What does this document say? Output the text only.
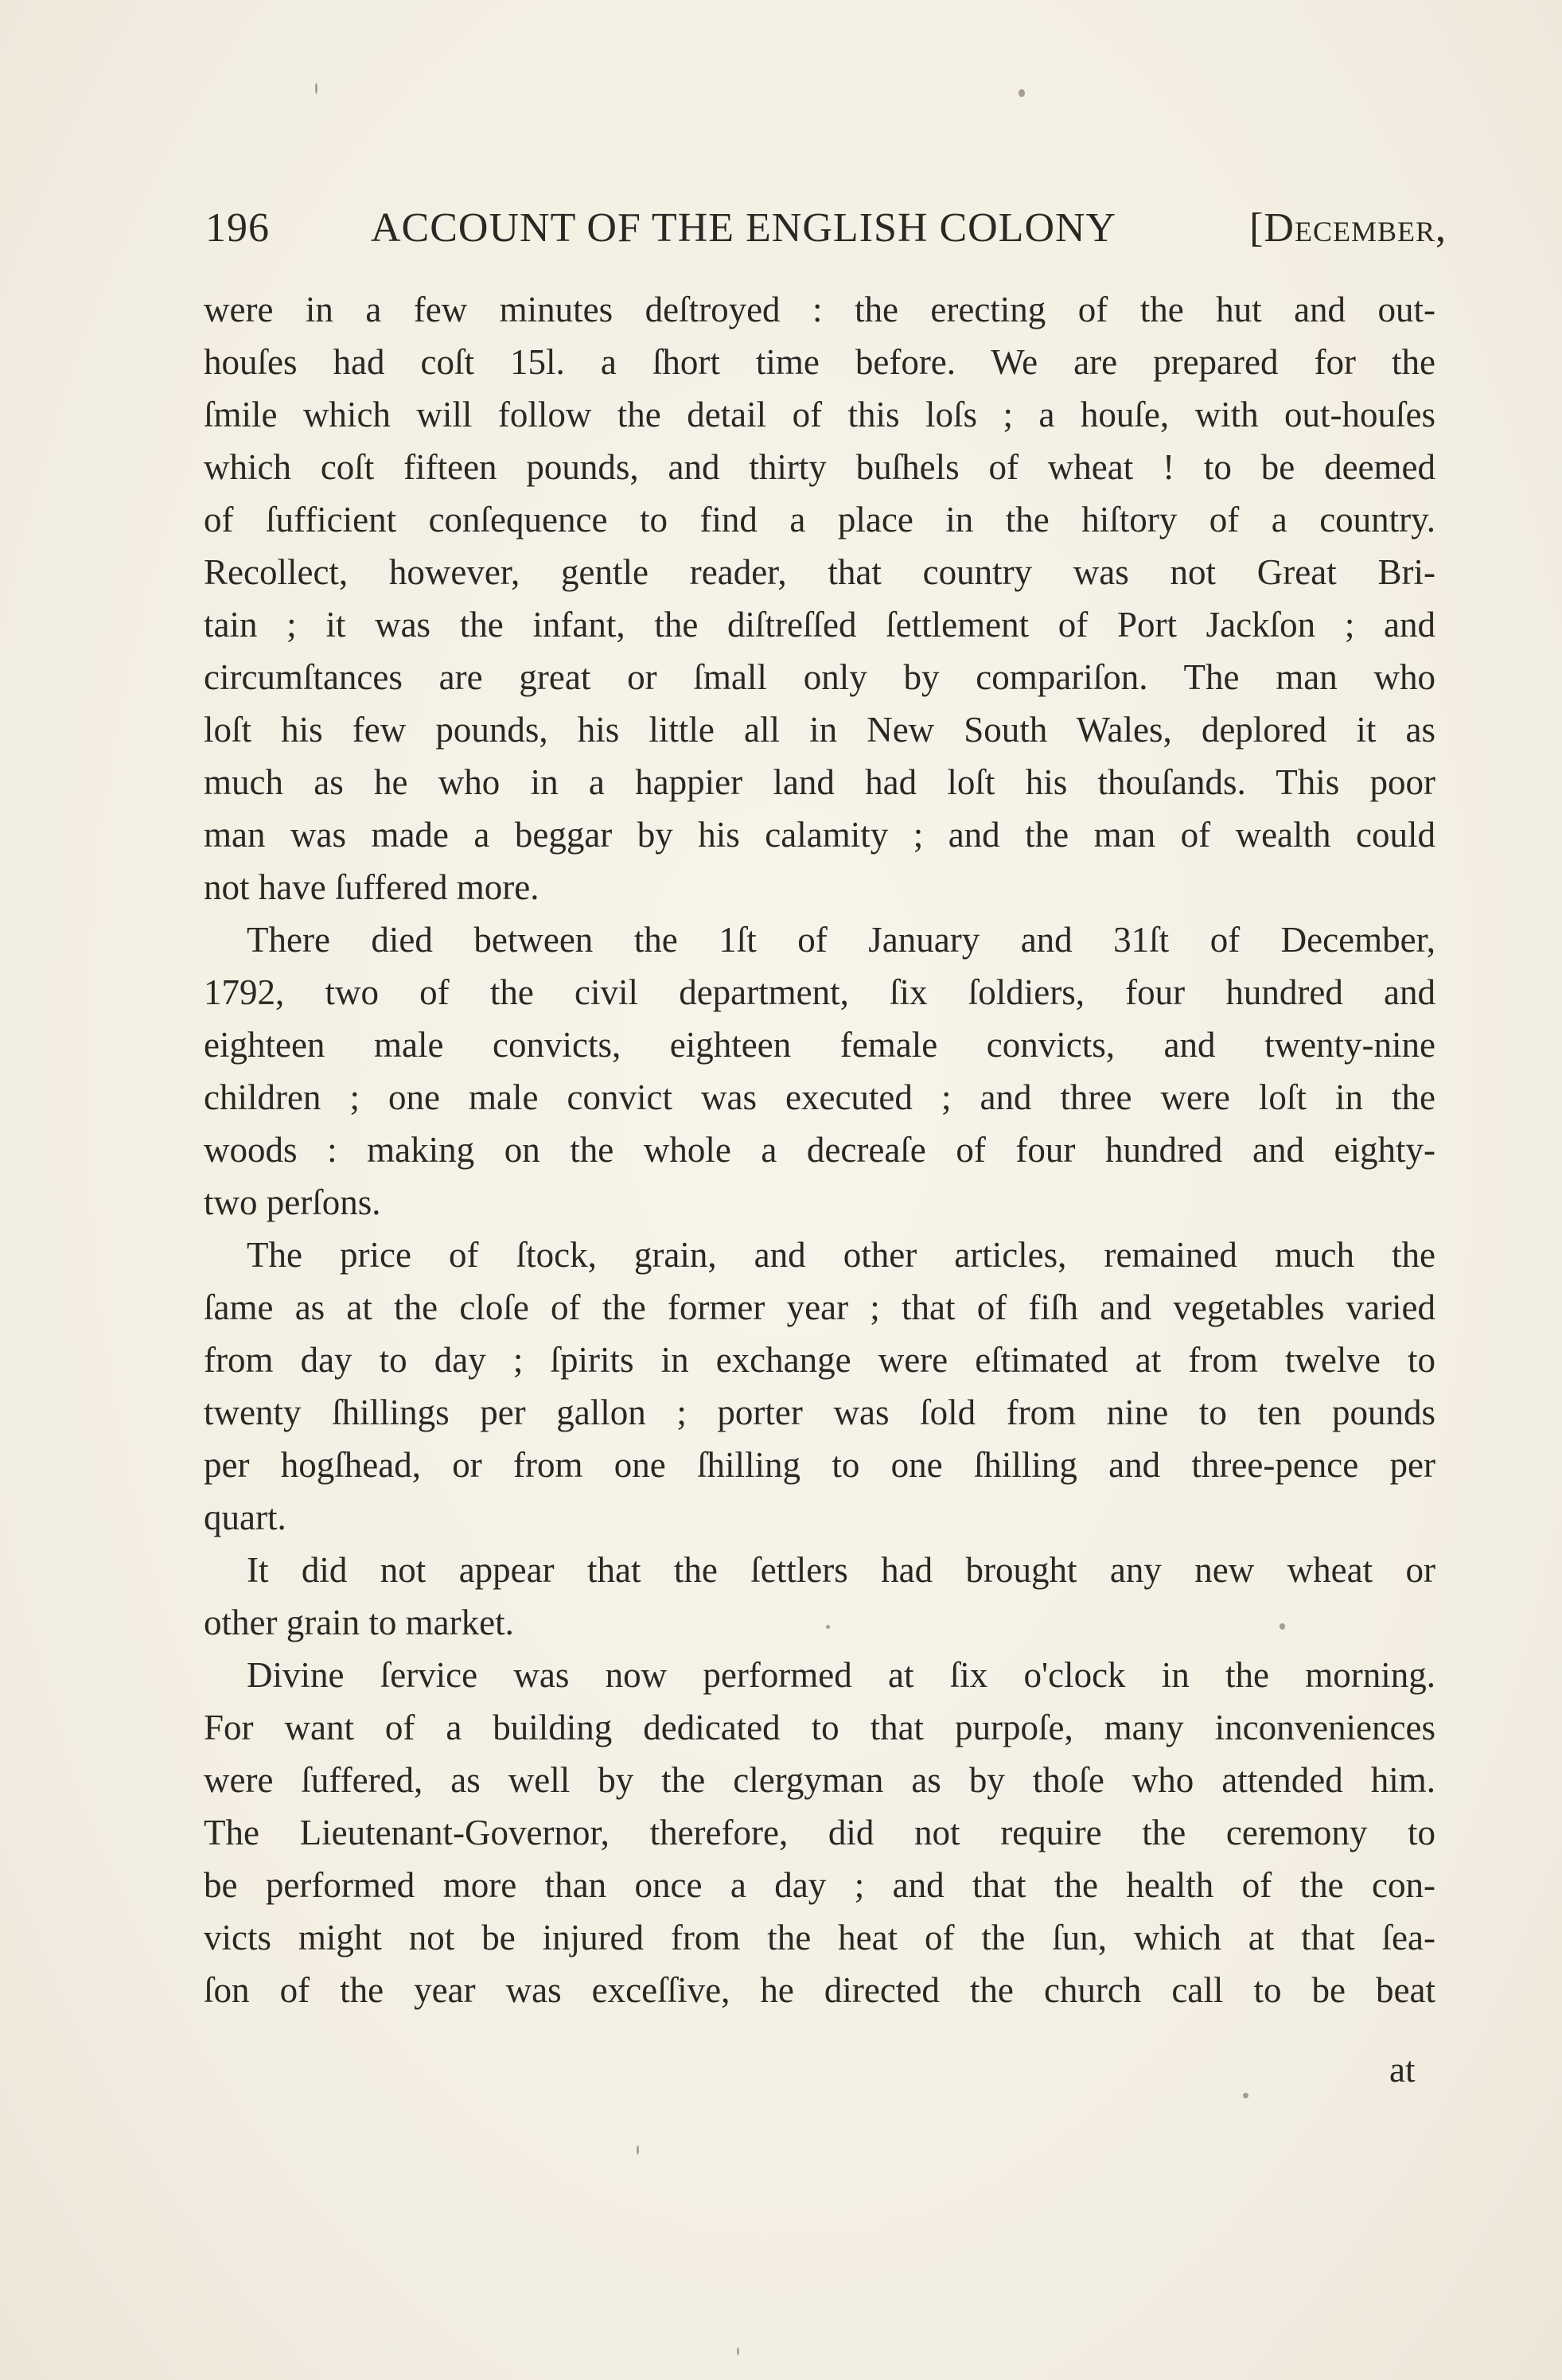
196 ACCOUNT OF THE ENGLISH COLONY	[December,
were in a few minutes deſtroyed : the erecting of the hut and out-
houſes had coſt 15l. a ſhort time before. We are prepared for the
ſmile which will follow the detail of this loſs ; a houſe, with out-houſes
which coſt fifteen pounds, and thirty buſhels of wheat ! to be deemed
of ſufficient conſequence to find a place in the hiſtory of a country.
Recollect, however, gentle reader, that country was not Great Bri-
tain ; it was the infant, the diſtreſſed ſettlement of Port Jackſon ; and
circumſtances are great or ſmall only by compariſon. The man who
loſt his few pounds, his little all in New South Wales, deplored it as
much as he who in a happier land had loſt his thouſands. This poor
man was made a beggar by his calamity ; and the man of wealth could
not have ſuffered more.
There died between the 1ſt of January and 31ſt of December,
1792, two of the civil department, ſix ſoldiers, four hundred and
eighteen male convicts, eighteen female convicts, and twenty-nine
children ; one male convict was executed ; and three were loſt in the
woods : making on the whole a decreaſe of four hundred and eighty-
two perſons.
The price of ſtock, grain, and other articles, remained much the
ſame as at the cloſe of the former year ; that of fiſh and vegetables varied
from day to day ; ſpirits in exchange were eſtimated at from twelve to
twenty ſhillings per gallon ; porter was ſold from nine to ten pounds
per hogſhead, or from one ſhilling to one ſhilling and three-pence per
quart.
It did not appear that the ſettlers had brought any new wheat or
other grain to market.
Divine ſervice was now performed at ſix o'clock in the morning.
For want of a building dedicated to that purpoſe, many inconveniences
were ſuffered, as well by the clergyman as by thoſe who attended him.
The Lieutenant-Governor, therefore, did not require the ceremony to
be performed more than once a day ; and that the health of the con-
victs might not be injured from the heat of the ſun, which at that ſea-
ſon of the year was exceſſive, he directed the church call to be beat
at
